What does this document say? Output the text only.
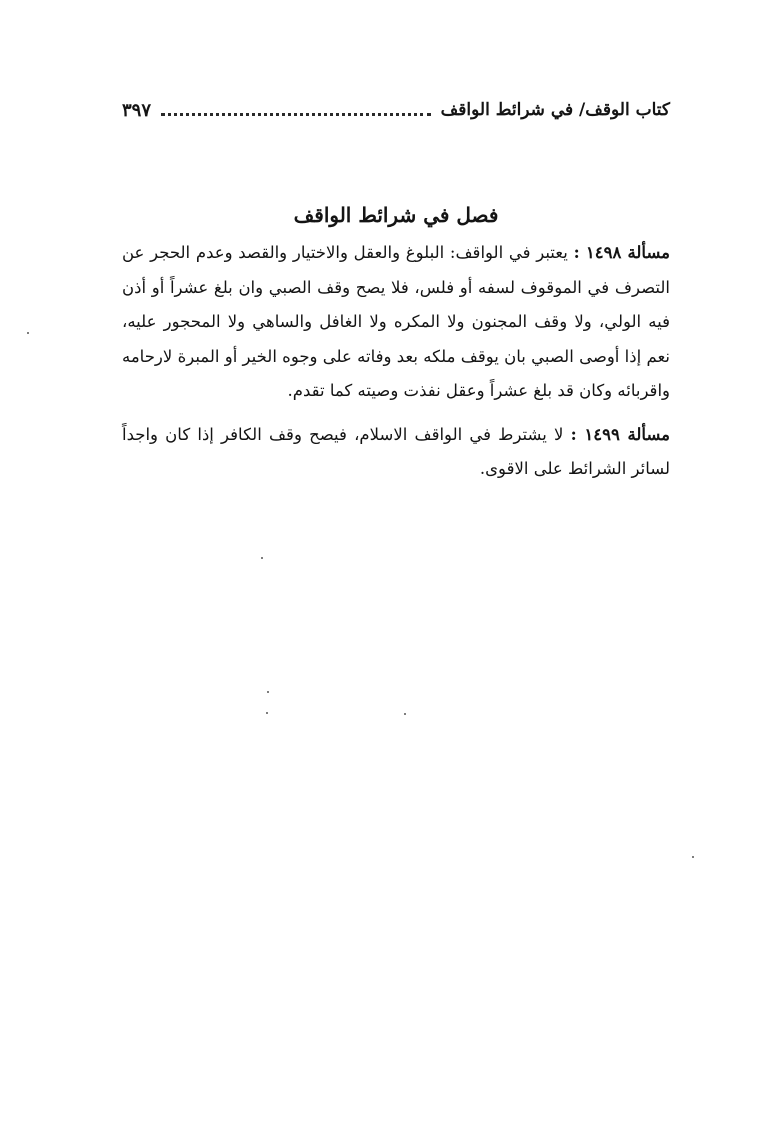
كتاب الوقف/ في شرائط الواقف
٣٩٧
فصل في شرائط الواقف

مسألة ١٤٩٨ : يعتبر في الواقف: البلوغ والعقل والاختيار والقصد وعدم الحجر عن التصرف في الموقوف لسفه أو فلس، فلا يصح وقف الصبي وان بلغ عشراً أو أذن فيه الولي، ولا وقف المجنون ولا المكره ولا الغافل والساهي ولا المحجور عليه، نعم إذا أوصى الصبي بان يوقف ملكه بعد وفاته على وجوه الخير أو المبرة لارحامه واقربائه وكان قد بلغ عشراً وعقل نفذت وصيته كما تقدم.

مسألة ١٤٩٩ : لا يشترط في الواقف الاسلام، فيصح وقف الكافر إذا كان واجداً لسائر الشرائط على الاقوى.
